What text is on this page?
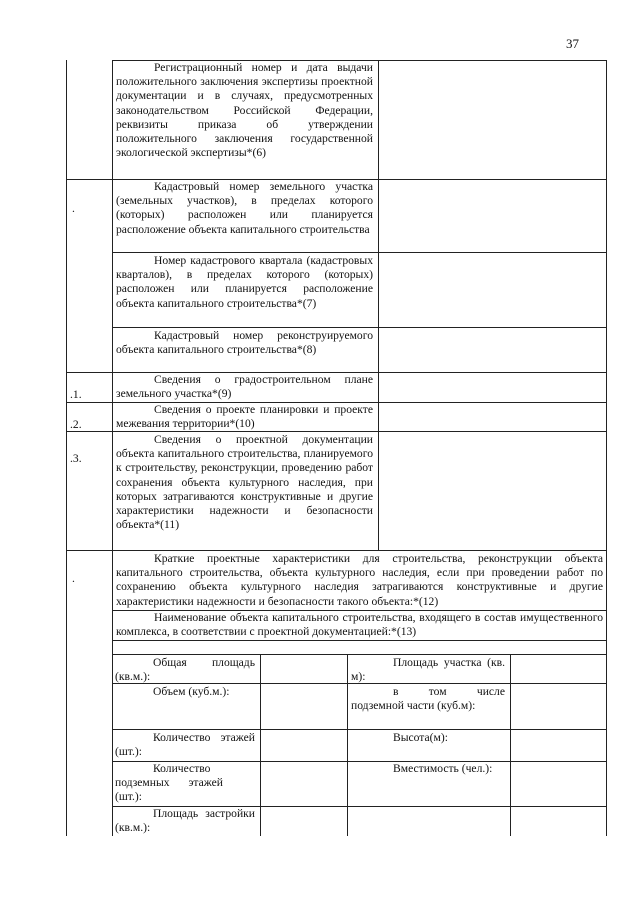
37
.
.1.
.2.
.3.
.
Регистрационный номер и дата выдачи положительного заключения экспертизы проектной документации и в случаях, предусмотренных законодательством Российской Федерации, реквизиты приказа об утверждении положительного заключения государственной экологической экспертизы*(6)
Кадастровый номер земельного участка (земельных участков), в пределах которого (которых) расположен или планируется расположение объекта капитального строительства
Номер кадастрового квартала (кадастровых кварталов), в пределах которого (которых) расположен или планируется расположение объекта капитального строительства*(7)
Кадастровый номер реконструируемого объекта капитального строительства*(8)
Сведения о градостроительном плане земельного участка*(9)
Сведения о проекте планировки и проекте межевания территории*(10)
Сведения о проектной документации объекта капитального строительства, планируемого к строительству, реконструкции, проведению работ сохранения объекта культурного наследия, при которых затрагиваются конструктивные и другие характеристики надежности и безопасности объекта*(11)
Краткие проектные характеристики для строительства, реконструкции объекта капитального строительства, объекта культурного наследия, если при проведении работ по сохранению объекта культурного наследия затрагиваются конструктивные и другие характеристики надежности и безопасности такого объекта:*(12)
Наименование объекта капитального строительства, входящего в состав имущественного комплекса, в соответствии с проектной документацией:*(13)
Общая площадь (кв.м.):
Объем (куб.м.):
Количество этажей (шт.):
Количество подземных этажей (шт.):
Площадь застройки (кв.м.):
Площадь участка (кв. м):
в том числе подземной части (куб.м):
Высота(м):
Вместимость (чел.):
